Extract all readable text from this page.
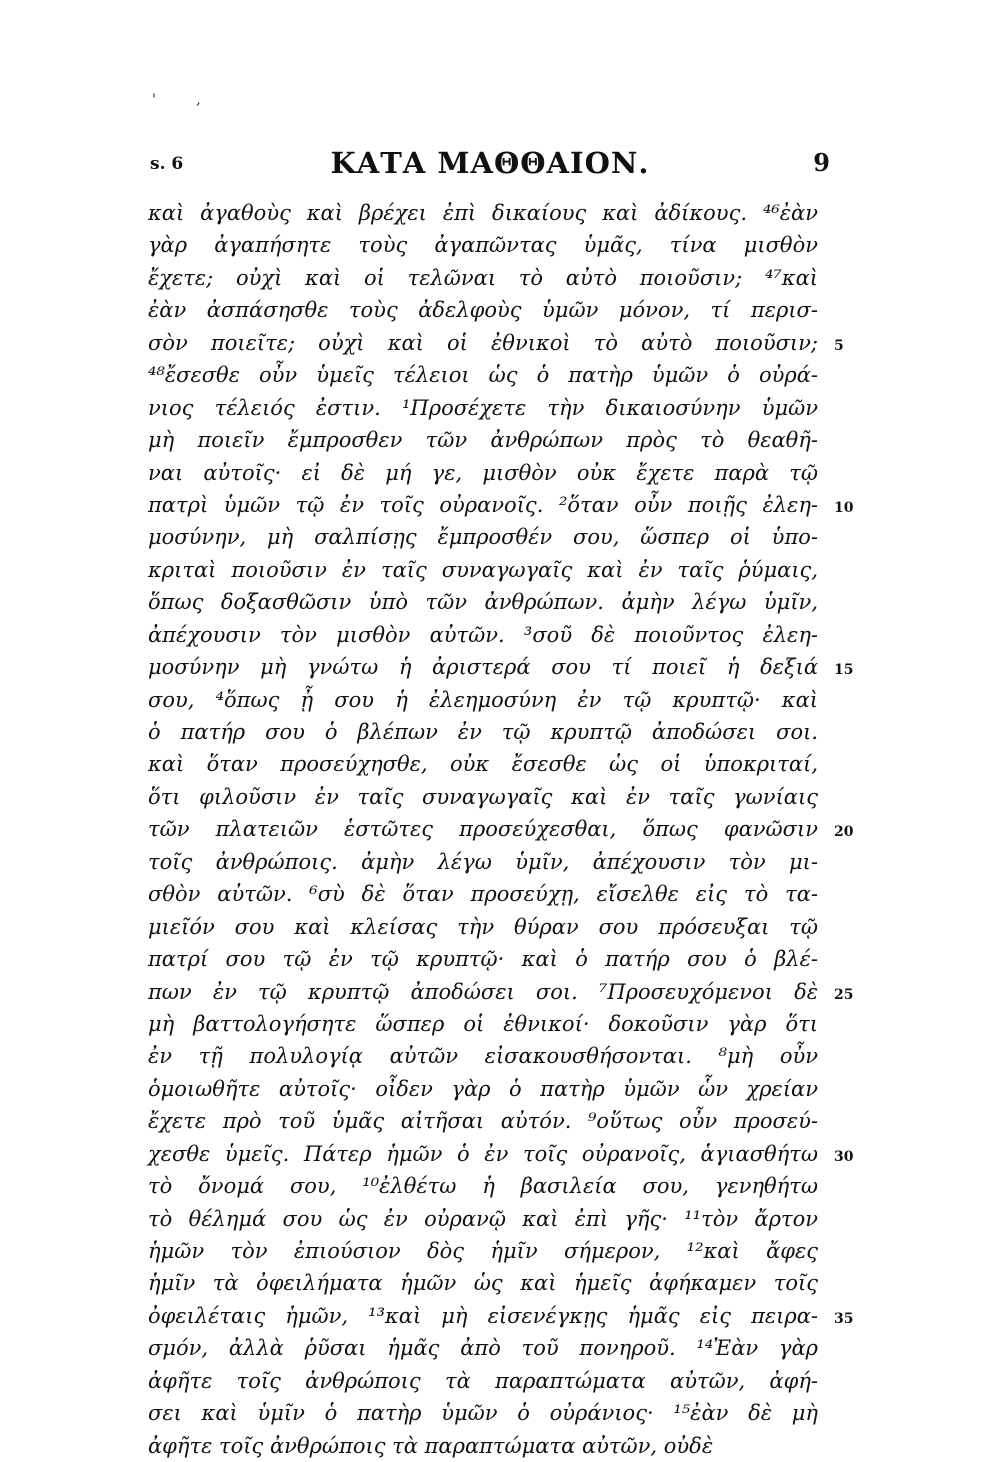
' ,
s. 6	ΚΑΤΑ ΜΑΘΘΑΙΟΝ.	9
καὶ ἀγαθοὺς καὶ βρέχει ἐπὶ δικαίους καὶ ἀδίκους. ⁴⁶ἐὰν
γὰρ ἀγαπήσητε τοὺς ἀγαπῶντας ὑμᾶς, τίνα μισθὸν
ἔχετε; οὐχὶ καὶ οἱ τελῶναι τὸ αὐτὸ ποιοῦσιν; ⁴⁷καὶ
ἐὰν ἀσπάσησθε τοὺς ἀδελφοὺς ὑμῶν μόνον, τί περισ-
σὸν ποιεῖτε; οὐχὶ καὶ οἱ ἐθνικοὶ τὸ αὐτὸ ποιοῦσιν; 5
⁴⁸ἔσεσθε οὖν ὑμεῖς τέλειοι ὡς ὁ πατὴρ ὑμῶν ὁ οὐρά-
νιος τέλειός ἐστιν. ¹Προσέχετε τὴν δικαιοσύνην ὑμῶν
μὴ ποιεῖν ἔμπροσθεν τῶν ἀνθρώπων πρὸς τὸ θεαθῆ-
ναι αὐτοῖς· εἰ δὲ μή γε, μισθὸν οὐκ ἔχετε παρὰ τῷ
πατρὶ ὑμῶν τῷ ἐν τοῖς οὐρανοῖς. ²ὅταν οὖν ποιῇς ἐλεη- 10
μοσύνην, μὴ σαλπίσῃς ἔμπροσθέν σου, ὥσπερ οἱ ὑπο-
κριταὶ ποιοῦσιν ἐν ταῖς συναγωγαῖς καὶ ἐν ταῖς ῥύμαις,
ὅπως δοξασθῶσιν ὑπὸ τῶν ἀνθρώπων. ἀμὴν λέγω ὑμῖν,
ἀπέχουσιν τὸν μισθὸν αὐτῶν. ³σοῦ δὲ ποιοῦντος ἐλεη-
μοσύνην μὴ γνώτω ἡ ἀριστερά σου τί ποιεῖ ἡ δεξιά 15
σου, ⁴ὅπως ᾖ σου ἡ ἐλεημοσύνη ἐν τῷ κρυπτῷ· καὶ
ὁ πατήρ σου ὁ βλέπων ἐν τῷ κρυπτῷ ἀποδώσει σοι.
καὶ ὅταν προσεύχησθε, οὐκ ἔσεσθε ὡς οἱ ὑποκριταί,
ὅτι φιλοῦσιν ἐν ταῖς συναγωγαῖς καὶ ἐν ταῖς γωνίαις
τῶν πλατειῶν ἑστῶτες προσεύχεσθαι, ὅπως φανῶσιν 20
τοῖς ἀνθρώποις. ἀμὴν λέγω ὑμῖν, ἀπέχουσιν τὸν μι-
σθὸν αὐτῶν. ⁶σὺ δὲ ὅταν προσεύχῃ, εἴσελθε εἰς τὸ τα-
μιεῖόν σου καὶ κλείσας τὴν θύραν σου πρόσευξαι τῷ
πατρί σου τῷ ἐν τῷ κρυπτῷ· καὶ ὁ πατήρ σου ὁ βλέ-
πων ἐν τῷ κρυπτῷ ἀποδώσει σοι. ⁷Προσευχόμενοι δὲ 25
μὴ βαττολογήσητε ὥσπερ οἱ ἐθνικοί· δοκοῦσιν γὰρ ὅτι
ἐν τῇ πολυλογίᾳ αὐτῶν εἰσακουσθήσονται. ⁸μὴ οὖν
ὁμοιωθῆτε αὐτοῖς· οἶδεν γὰρ ὁ πατὴρ ὑμῶν ὧν χρείαν
ἔχετε πρὸ τοῦ ὑμᾶς αἰτῆσαι αὐτόν. ⁹οὕτως οὖν προσεύ-
χεσθε ὑμεῖς. Πάτερ ἡμῶν ὁ ἐν τοῖς οὐρανοῖς, ἁγιασθήτω 30
τὸ ὄνομά σου, ¹⁰ἐλθέτω ἡ βασιλεία σου, γενηθήτω
τὸ θέλημά σου ὡς ἐν οὐρανῷ καὶ ἐπὶ γῆς· ¹¹τὸν ἄρτον
ἡμῶν τὸν ἐπιούσιον δὸς ἡμῖν σήμερον, ¹²καὶ ἄφες
ἡμῖν τὰ ὀφειλήματα ἡμῶν ὡς καὶ ἡμεῖς ἀφήκαμεν τοῖς
ὀφειλέταις ἡμῶν, ¹³καὶ μὴ εἰσενέγκῃς ἡμᾶς εἰς πειρα- 35
σμόν, ἀλλὰ ῥῦσαι ἡμᾶς ἀπὸ τοῦ πονηροῦ. ¹⁴Ἐὰν γὰρ
ἀφῆτε τοῖς ἀνθρώποις τὰ παραπτώματα αὐτῶν, ἀφή-
σει καὶ ὑμῖν ὁ πατὴρ ὑμῶν ὁ οὐράνιος· ¹⁵ἐὰν δὲ μὴ
ἀφῆτε τοῖς ἀνθρώποις τὰ παραπτώματα αὐτῶν, οὐδὲ
